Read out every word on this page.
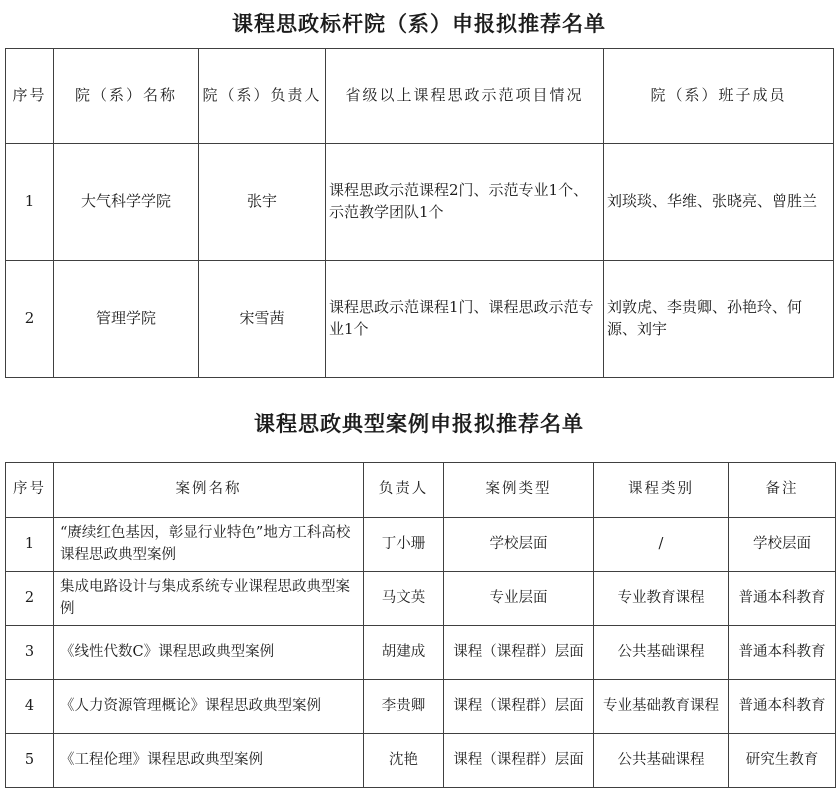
课程思政标杆院（系）申报拟推荐名单
序号	院（系）名称	院（系）负责人	省级以上课程思政示范项目情况	院（系）班子成员
1	大气科学学院	张宇	课程思政示范课程2门、示范专业1个、示范教学团队1个	刘琰琰、华维、张晓亮、曾胜兰
2	管理学院	宋雪茜	课程思政示范课程1门、课程思政示范专业1个	刘敦虎、李贵卿、孙艳玲、何源、刘宇
课程思政典型案例申报拟推荐名单
序号	案例名称	负责人	案例类型	课程类别	备注
1	“赓续红色基因，彰显行业特色”地方工科高校课程思政典型案例	丁小珊	学校层面	/	学校层面
2	集成电路设计与集成系统专业课程思政典型案例	马文英	专业层面	专业教育课程	普通本科教育
3	《线性代数C》课程思政典型案例	胡建成	课程（课程群）层面	公共基础课程	普通本科教育
4	《人力资源管理概论》课程思政典型案例	李贵卿	课程（课程群）层面	专业基础教育课程	普通本科教育
5	《工程伦理》课程思政典型案例	沈艳	课程（课程群）层面	公共基础课程	研究生教育
